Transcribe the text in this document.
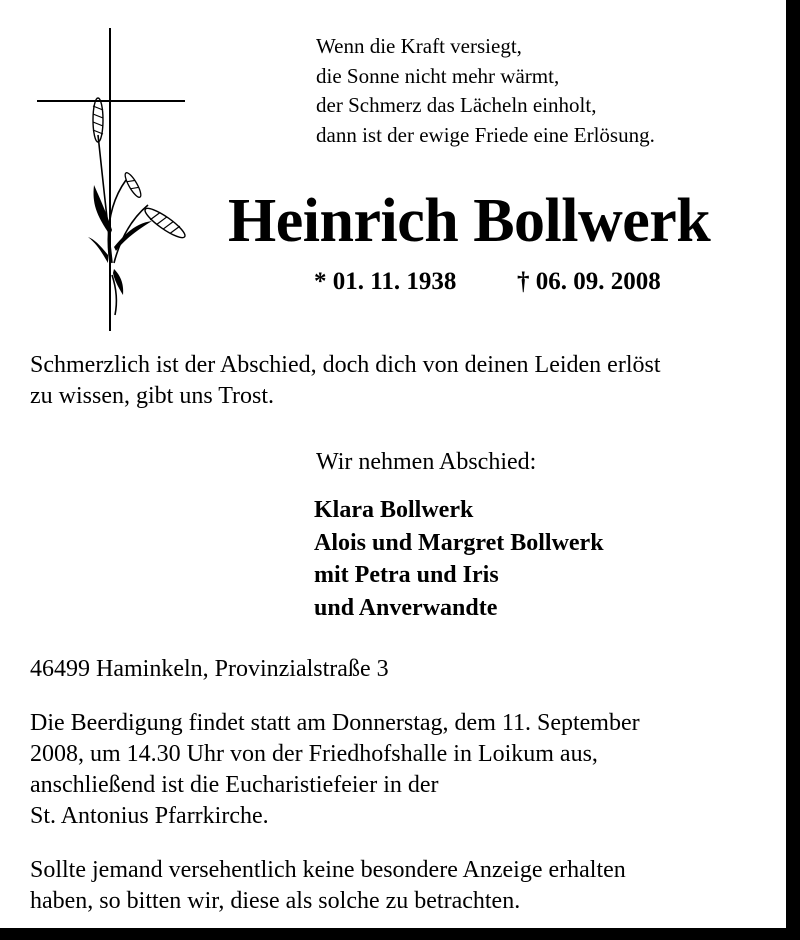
Wenn die Kraft versiegt,
die Sonne nicht mehr wärmt,
der Schmerz das Lächeln einholt,
dann ist der ewige Friede eine Erlösung.
Heinrich Bollwerk
* 01. 11. 1938 † 06. 09. 2008
Schmerzlich ist der Abschied, doch dich von deinen Leiden erlöst
zu wissen, gibt uns Trost.
Wir nehmen Abschied:
Klara Bollwerk
Alois und Margret Bollwerk
mit Petra und Iris
und Anverwandte
46499 Haminkeln, Provinzialstraße 3
Die Beerdigung findet statt am Donnerstag, dem 11. September
2008, um 14.30 Uhr von der Friedhofshalle in Loikum aus,
anschließend ist die Eucharistiefeier in der
St. Antonius Pfarrkirche.
Sollte jemand versehentlich keine besondere Anzeige erhalten
haben, so bitten wir, diese als solche zu betrachten.
